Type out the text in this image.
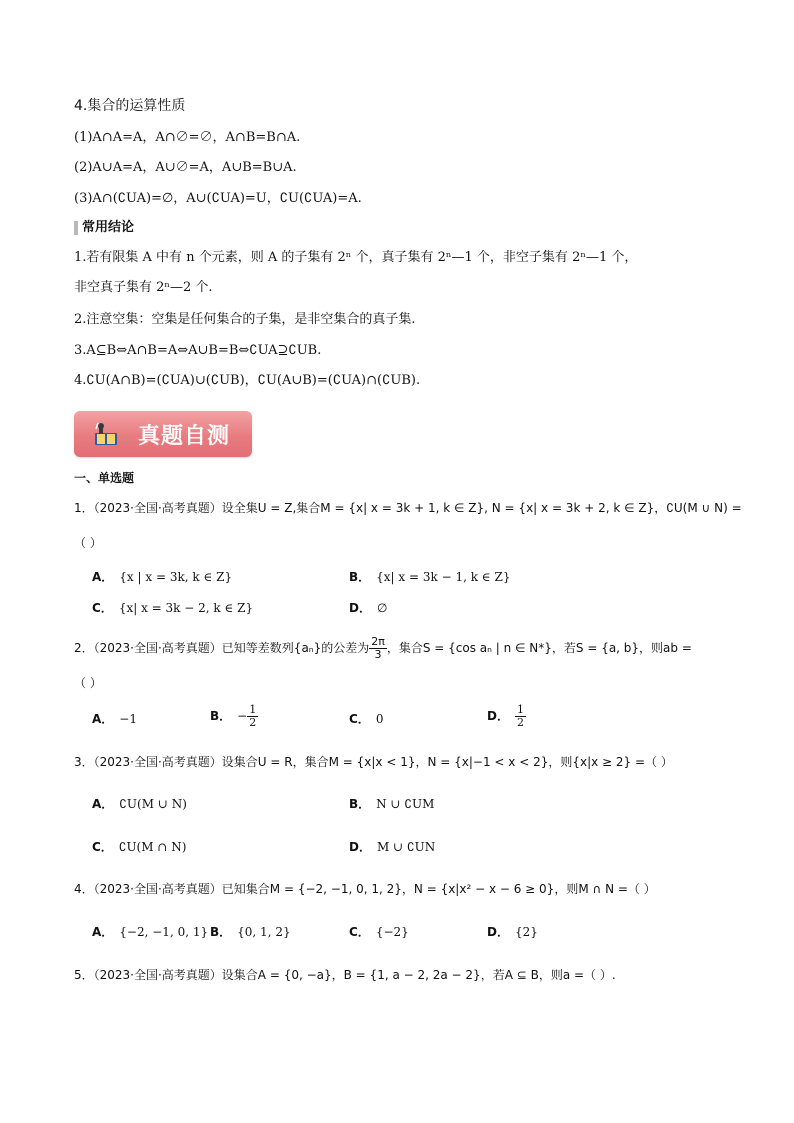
4.集合的运算性质
(1)A∩A=A，A∩∅=∅，A∩B=B∩A.
(2)A∪A=A，A∪∅=A，A∪B=B∪A.
(3)A∩(∁UA)=∅，A∪(∁UA)=U，∁U(∁UA)=A.
常用结论
1.若有限集 A 中有 n 个元素，则 A 的子集有 2ⁿ 个，真子集有 2ⁿ—1 个，非空子集有 2ⁿ—1 个，
非空真子集有 2ⁿ—2 个.
2.注意空集：空集是任何集合的子集，是非空集合的真子集.
3.A⊆B⇔A∩B=A⇔A∪B=B⇔∁UA⊇∁UB.
4.∁U(A∩B)=(∁UA)∪(∁UB)，∁U(A∪B)=(∁UA)∩(∁UB).
真题自测
一、单选题
1．（2023·全国·高考真题）设全集U = Z,集合M = {x| x = 3k + 1, k ∈ Z}, N = {x| x = 3k + 2, k ∈ Z}，∁U(M ∪ N) =
（ ）
A． {x | x = 3k, k ∈ Z}	B． {x| x = 3k − 1, k ∈ Z}
C． {x| x = 3k − 2, k ∈ Z}	D． ∅
2．（2023·全国·高考真题）已知等差数列{aₙ}的公差为 $\frac{2\pi}{3}$ ，集合S = {cos aₙ | n ∈ N*}，若S = {a, b}，则ab =
（ ）
A． −1	B． − $\frac{1}{2}$	C． 0	D． $\frac{1}{2}$
3．（2023·全国·高考真题）设集合U = R，集合M = {x|x < 1}，N = {x|−1 < x < 2}，则{x|x ≥ 2} =（ ）
A． ∁U(M ∪ N)	B． N ∪ ∁UM
C． ∁U(M ∩ N)	D． M ∪ ∁UN
4．（2023·全国·高考真题）已知集合M = {−2, −1, 0, 1, 2}，N = {x|x² − x − 6 ≥ 0}，则M ∩ N =（ ）
A． {−2, −1, 0, 1} B． {0, 1, 2}	C． {−2}	D． {2}
5．（2023·全国·高考真题）设集合A = {0, −a}，B = {1, a − 2, 2a − 2}，若A ⊆ B，则a =（ ）.
